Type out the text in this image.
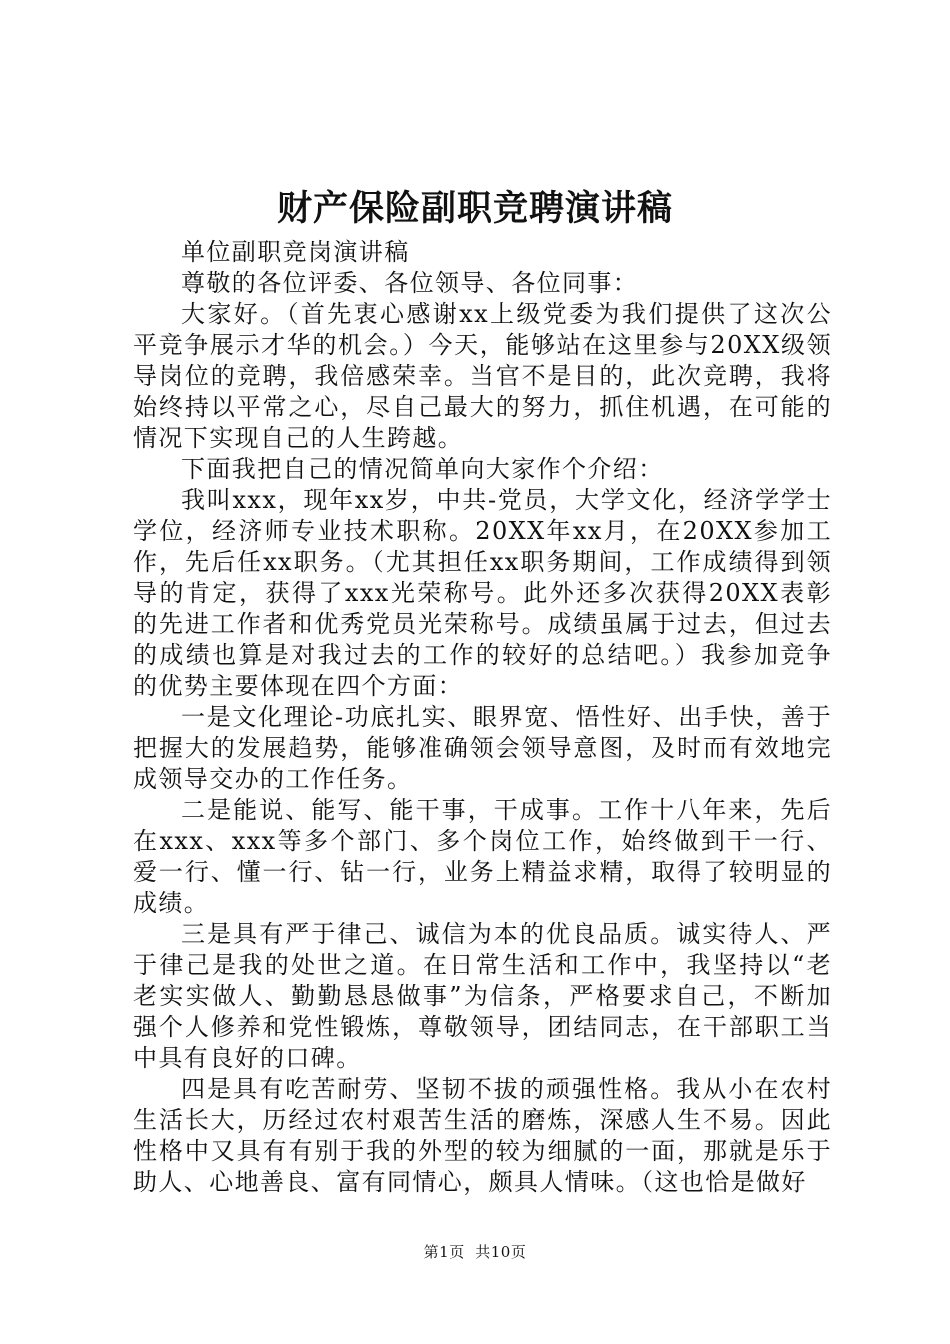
财产保险副职竞聘演讲稿

单位副职竞岗演讲稿

尊敬的各位评委、各位领导、各位同事：

大家好。（首先衷心感谢xx上级党委为我们提供了这次公平竞争展示才华的机会。）今天，能够站在这里参与20XX级领导岗位的竞聘，我倍感荣幸。当官不是目的，此次竞聘，我将始终持以平常之心，尽自己最大的努力，抓住机遇，在可能的情况下实现自己的人生跨越。

下面我把自己的情况简单向大家作个介绍：

我叫xxx，现年xx岁，中共-党员，大学文化，经济学学士学位，经济师专业技术职称。20XX年xx月，在20XX参加工作，先后任xx职务。（尤其担任xx职务期间，工作成绩得到领导的肯定，获得了xxx光荣称号。此外还多次获得20XX表彰的先进工作者和优秀党员光荣称号。成绩虽属于过去，但过去的成绩也算是对我过去的工作的较好的总结吧。）我参加竞争的优势主要体现在四个方面：

一是文化理论-功底扎实、眼界宽、悟性好、出手快，善于把握大的发展趋势，能够准确领会领导意图，及时而有效地完成领导交办的工作任务。

二是能说、能写、能干事，干成事。工作十八年来，先后在xxx、xxx等多个部门、多个岗位工作，始终做到干一行、爱一行、懂一行、钻一行，业务上精益求精，取得了较明显的成绩。

三是具有严于律己、诚信为本的优良品质。诚实待人、严于律己是我的处世之道。在日常生活和工作中，我坚持以“老老实实做人、勤勤恳恳做事”为信条，严格要求自己，不断加强个人修养和党性锻炼，尊敬领导，团结同志，在干部职工当中具有良好的口碑。

四是具有吃苦耐劳、坚韧不拔的顽强性格。我从小在农村生活长大，历经过农村艰苦生活的磨炼，深感人生不易。因此性格中又具有有别于我的外型的较为细腻的一面，那就是乐于助人、心地善良、富有同情心，颇具人情味。（这也恰是做好

第1页  共10页
